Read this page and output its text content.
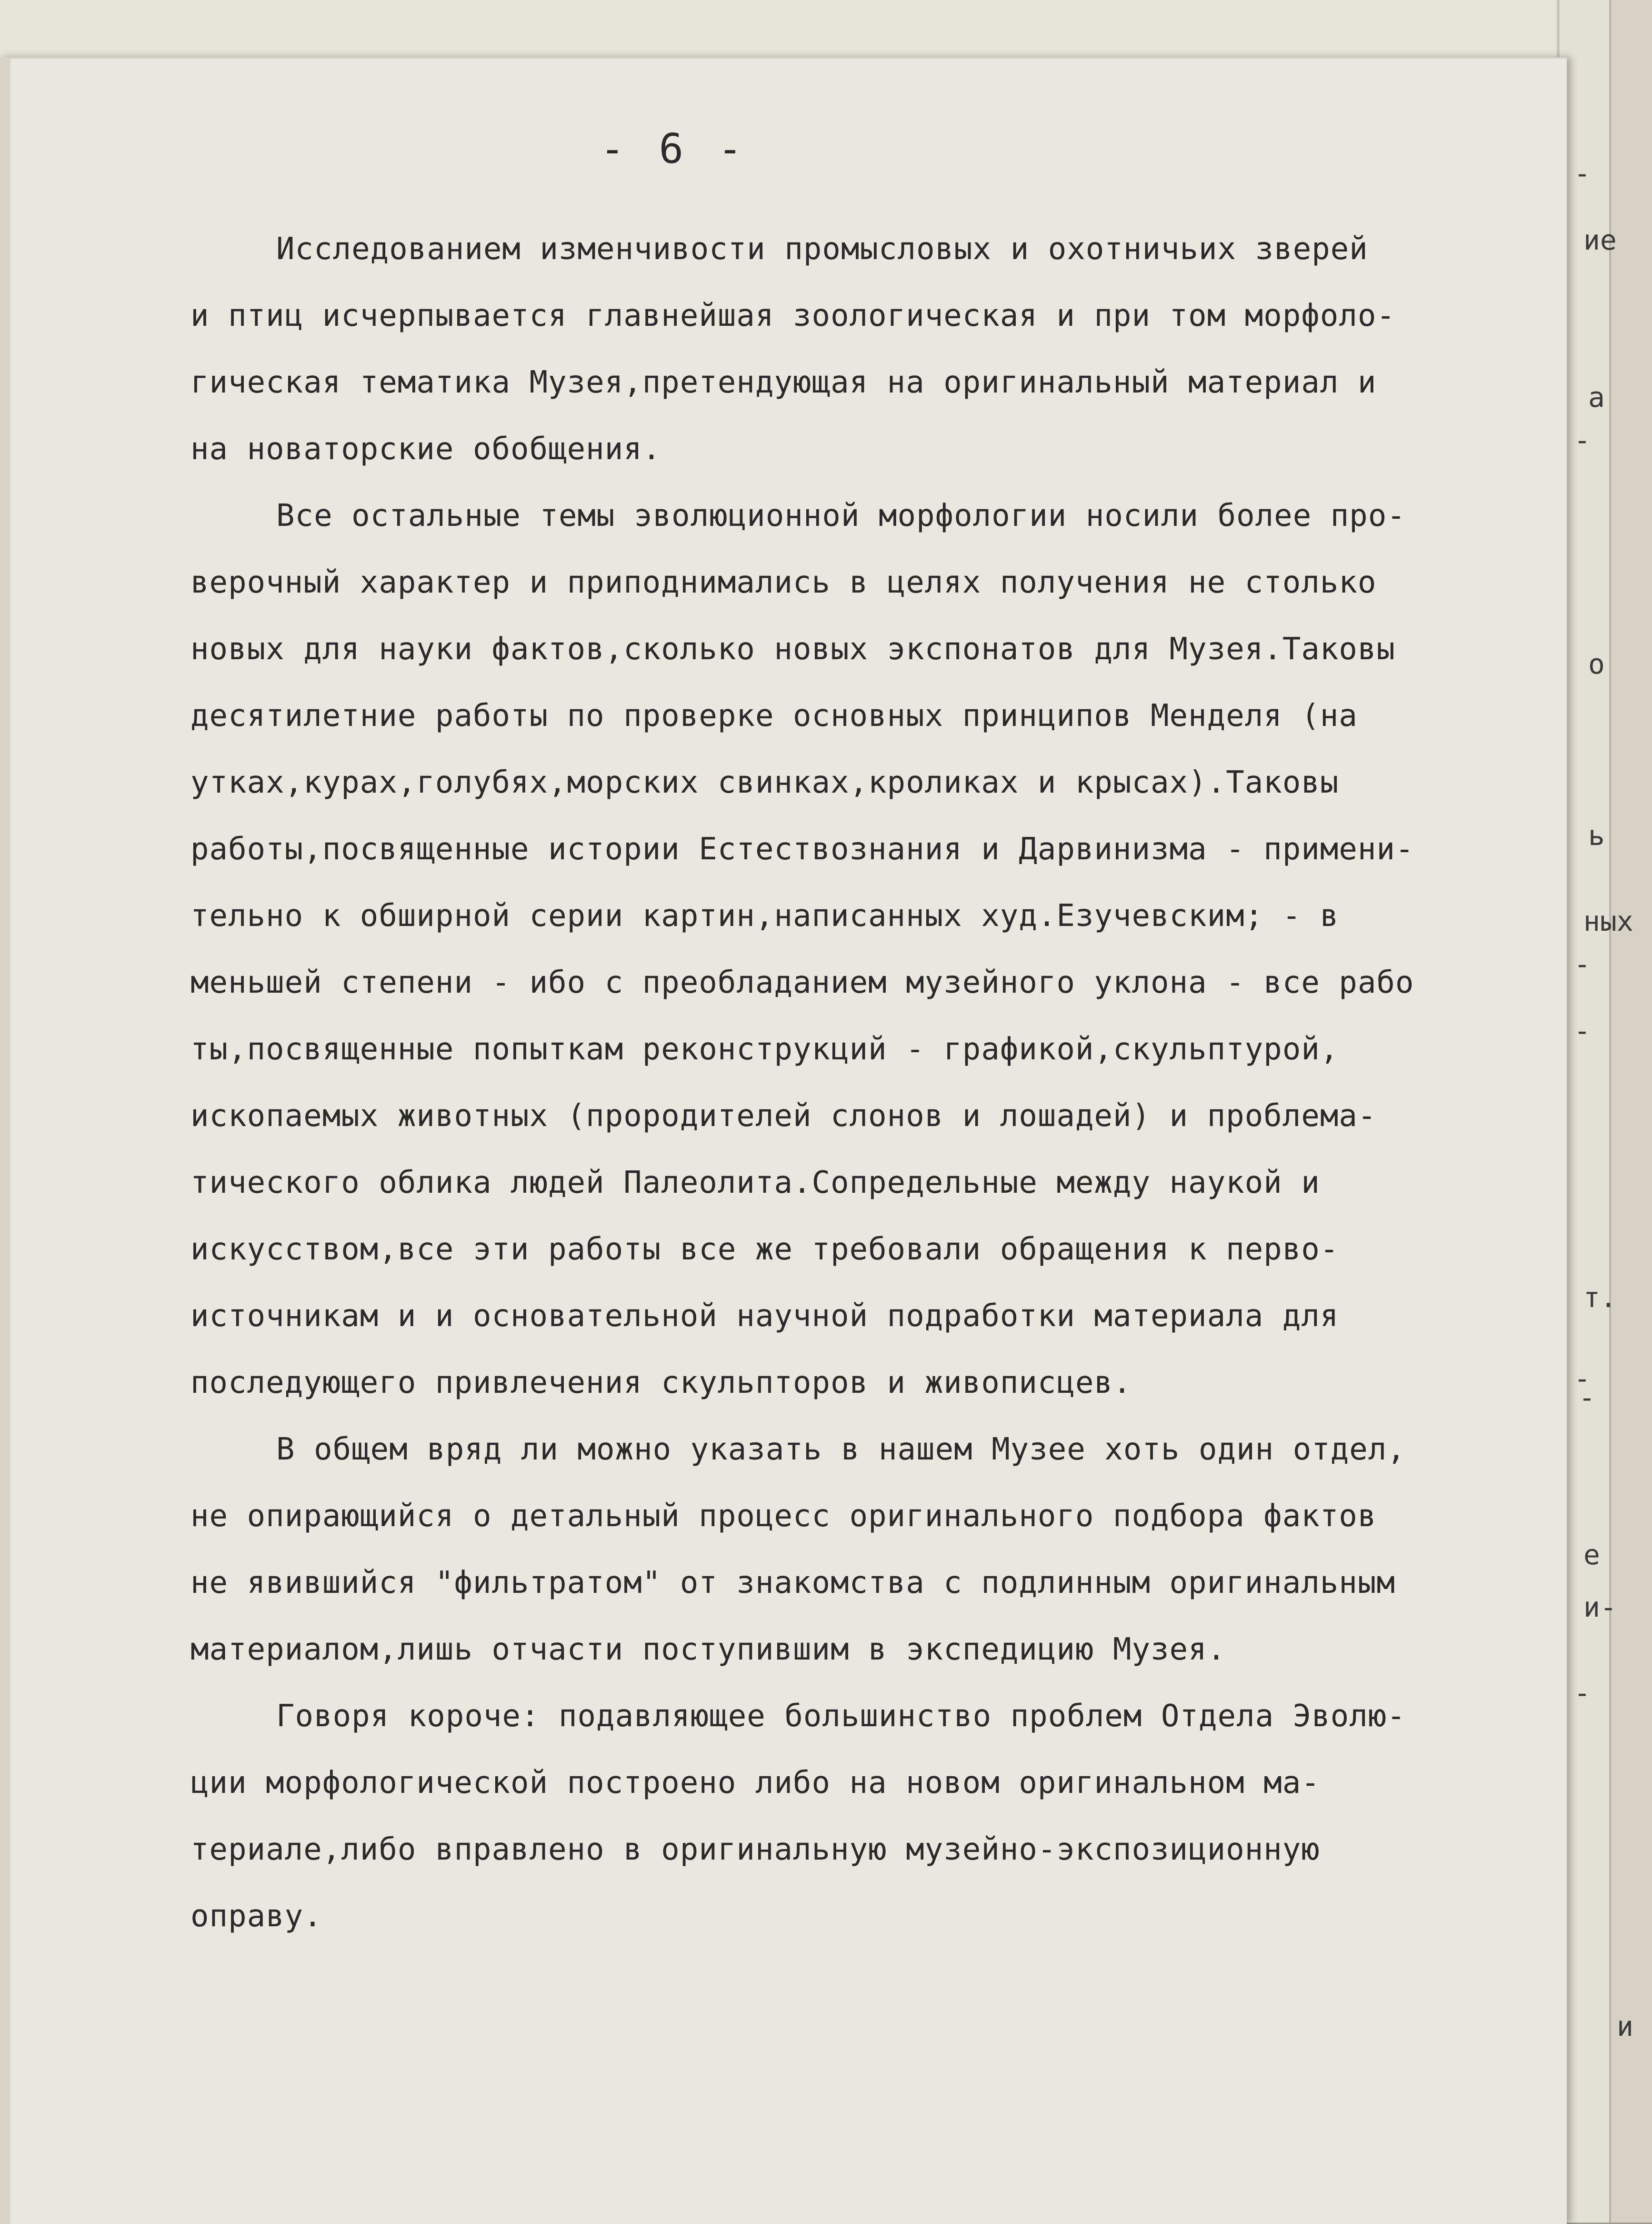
ие
-
а
-
о
ь
ных
-
-
т.
-
-
е
и-
-
и
- 6 -

Исследованием изменчивости промысловых и охотничьих зверей
и птиц исчерпывается главнейшая зоологическая и при том морфоло-
гическая тематика Музея,претендующая на оригинальный материал и
на новаторские обобщения.

Все остальные темы эволюционной морфологии носили более про-
верочный характер и приподнимались в целях получения не столько
новых для науки фактов,сколько новых экспонатов для Музея.Таковы
десятилетние работы по проверке основных принципов Менделя (на
утках,курах,голубях,морских свинках,кроликах и крысах).Таковы
работы,посвященные истории Естествознания и Дарвинизма - примени-
тельно к обширной серии картин,написанных худ.Езучевским; - в
меньшей степени - ибо с преобладанием музейного уклона - все рабо
ты,посвященные попыткам реконструкций - графикой,скульптурой,
ископаемых животных (прородителей слонов и лошадей) и проблема-
тического облика людей Палеолита.Сопредельные между наукой и
искусством,все эти работы все же требовали обращения к перво-
источникам и и основательной научной подработки материала для
последующего привлечения скульпторов и живописцев.

В общем вряд ли можно указать в нашем Музее хоть один отдел,
не опирающийся о детальный процесс оригинального подбора фактов
не явившийся "фильтратом" от знакомства с подлинным оригинальным
материалом,лишь отчасти поступившим в экспедицию Музея.

Говоря короче: подавляющее большинство проблем Отдела Эволю-
ции морфологической построено либо на новом оригинальном ма-
териале,либо вправлено в оригинальную музейно-экспозиционную
оправу.
